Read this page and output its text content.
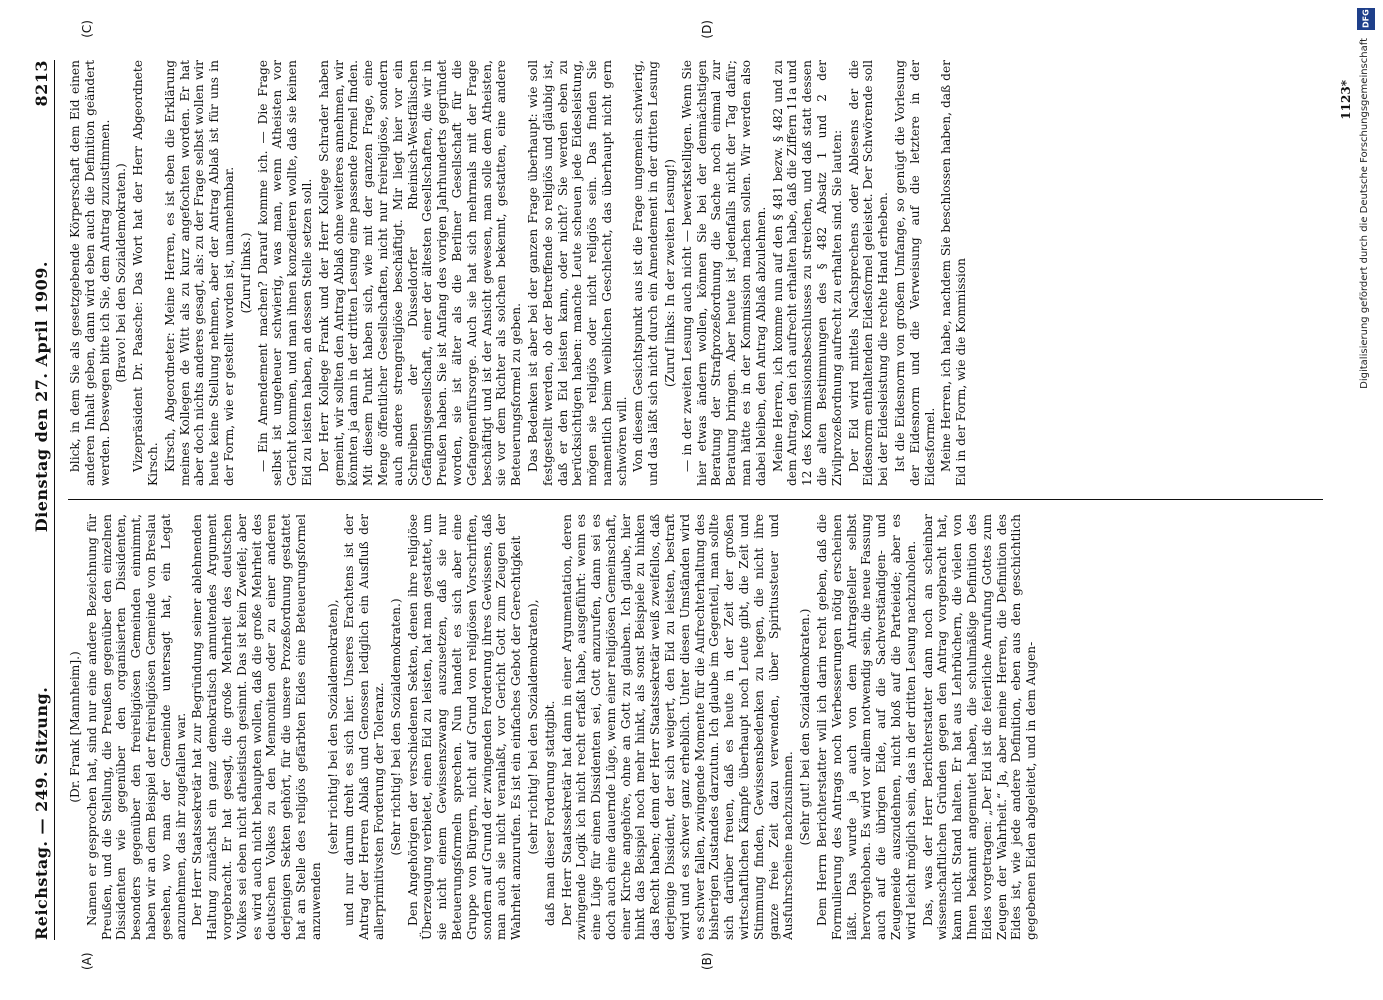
Reichstag. — 249. Sitzung.
Dienstag den 27. April 1909.
8213
(A)	(B)
(C)	(D)

(Dr. Frank [Mannheim].) Namen er gesprochen hat, sind nur eine andere Bezeichnung für Preußen, und die Stellung, die Preußen gegenüber den einzelnen Dissidenten wie gegenüber den organisierten Dissidenten, besonders gegenüber den freireligiösen Gemeinden einnimmt, haben wir an dem Beispiel der freireligiösen Gemeinde von Breslau gesehen, wo man der Gemeinde untersagt hat, ein Legat anzunehmen, das ihr zugefallen war. Der Herr Staatssekretär hat zur Begründung seiner ablehnenden Haltung zunächst ein ganz demokratisch anmutendes Argument vorgebracht. Er hat gesagt, die große Mehrheit des deutschen Volkes sei eben nicht atheistisch gesinnt. Das ist kein Zweifel; aber es wird auch nicht behaupten wollen, daß die große Mehrheit des deutschen Volkes zu den Mennoniten oder zu einer anderen derjenigen Sekten gehört, für die unsere Prozeßordnung gestattet hat an Stelle des religiös gefärbten Eides eine Beteuerungsformel anzuwenden

(sehr richtig! bei den Sozialdemokraten), und nur darum dreht es sich hier. Unseres Erachtens ist der Antrag der Herren Ablaß und Genossen lediglich ein Ausfluß der allerprimitivsten Forderung der Toleranz. (Sehr richtig! bei den Sozialdemokraten.) Den Angehörigen der verschiedenen Sekten, denen ihre religiöse Überzeugung verbietet, einen Eid zu leisten, hat man gestattet, um sie nicht einem Gewissenszwang auszusetzen, daß sie nur Beteuerungsformeln sprechen. Nun handelt es sich aber eine Gruppe von Bürgern, nicht auf Grund von religiösen Vorschriften, sondern auf Grund der zwingenden Forderung ihres Gewissens, daß man auch sie nicht veranlaßt, vor Gericht Gott zum Zeugen der Wahrheit anzurufen. Es ist ein einfaches Gebot der Gerechtigkeit (sehr richtig! bei den Sozialdemokraten), daß man dieser Forderung stattgibt. Der Herr Staatssekretär hat dann in einer Argumentation, deren zwingende Logik ich nicht recht erfaßt habe, ausgeführt: wenn es eine Lüge für einen Dissidenten sei, Gott anzurufen, dann sei es doch auch eine dauernde Lüge, wenn einer religiösen Gemeinschaft, einer Kirche angehöre, ohne an Gott zu glauben. Ich glaube, hier hinkt das Beispiel noch mehr hinkt, als sonst Beispiele zu hinken das Recht haben; denn der Herr Staatssekretär weiß zweifellos, daß derjenige Dissident, der sich weigert, den Eid zu leisten, bestraft wird und es schwer ganz erheblich. Unter diesen Umständen wird es schwer fallen, zwingende Momente für die Aufrechterhaltung des bisherigen Zustandes darzutun. Ich glaube im Gegenteil, man sollte sich darüber freuen, daß es heute in der Zeit der großen wirtschaftlichen Kämpfe überhaupt noch Leute gibt, die Zeit und Stimmung finden, Gewissensbedenken zu hegen, die nicht ihre ganze freie Zeit dazu verwenden, über Spiritussteuer und Ausfuhrscheine nachzusinnen.

(Sehr gut! bei den Sozialdemokraten.) Dem Herrn Berichterstatter will ich darin recht geben, daß die Formulierung des Antrags noch Verbesserungen nötig erscheinen läßt. Das wurde ja auch von dem Antragsteller selbst hervorgehoben. Es wird vor allem notwendig sein, die neue Fassung auch auf die übrigen Eide, auf die Sachverständigen- und Zeugeneide auszudehnen, nicht bloß auf die Parteieide; aber es wird leicht möglich sein, das in der dritten Lesung nachzuholen. Das, was der Herr Berichterstatter dann noch an scheinbar wissenschaftlichen Gründen gegen den Antrag vorgebracht hat, kann nicht Stand halten. Er hat aus Lehrbüchern, die vielen von Ihnen bekannt angemutet haben, die schulmäßige Definition des Eides vorgetragen: „Der Eid ist die feierliche Anrufung Gottes zum Zeugen der Wahrheit.“ Ja, aber meine Herren, die Definition des Eides ist, wie jede andere Definition, eben aus den geschichtlich gegebenen Eiden abgeleitet, und in dem Augen-

blick, in dem Sie als gesetzgebende Körperschaft dem Eid einen anderen Inhalt geben, dann wird eben auch die Definition geändert werden. Deswegen bitte ich Sie, dem Antrag zuzustimmen. (Bravo! bei den Sozialdemokraten.) Vizepräsident Dr. Paasche: Das Wort hat der Herr Abgeordnete Kirsch. Kirsch, Abgeordneter: Meine Herren, es ist eben die Erklärung meines Kollegen de Witt als zu kurz angefochten worden. Er hat aber doch nichts anderes gesagt, als: zu der Frage selbst wollen wir heute keine Stellung nehmen, aber der Antrag Ablaß ist für uns in der Form, wie er gestellt worden ist, unannehmbar. (Zuruf links.) — Ein Amendement machen? Darauf komme ich. — Die Frage selbst ist ungeheuer schwierig, was man, wenn Atheisten vor Gericht kommen, und man ihnen konzedieren wollte, daß sie keinen Eid zu leisten haben, an dessen Stelle setzen soll. Der Herr Kollege Frank und der Herr Kollege Schrader haben gemeint, wir sollten den Antrag Ablaß ohne weiteres annehmen, wir könnten ja dann in der dritten Lesung eine passende Formel finden. Mit diesem Punkt haben sich, wie mit der ganzen Frage, eine Menge öffentlicher Gesellschaften, nicht nur freireligiöse, sondern auch andere strengreligiöse beschäftigt. Mir liegt hier vor ein Schreiben der Düsseldorfer Rheinisch-Westfälischen Gefängnisgesellschaft, einer der ältesten Gesellschaften, die wir in Preußen haben. Sie ist Anfang des vorigen Jahrhunderts gegründet worden, sie ist älter als die Berliner Gesellschaft für die Gefangenenfürsorge. Auch sie hat sich mehrmals mit der Frage beschäftigt und ist der Ansicht gewesen, man solle dem Atheisten, sie vor dem Richter als solchen bekennt, gestatten, eine andere Beteuerungsformel zu geben. Das Bedenken ist aber bei der ganzen Frage überhaupt: wie soll festgestellt werden, ob der Betreffende so religiös und gläubig ist, daß er den Eid leisten kann, oder nicht? Sie werden eben zu berücksichtigen haben: manche Leute scheuen jede Eidesleistung, mögen sie religiös oder nicht religiös sein. Das finden Sie namentlich beim weiblichen Geschlecht, das überhaupt nicht gern schwören will. Von diesem Gesichtspunkt aus ist die Frage ungemein schwierig, und das läßt sich nicht durch ein Amendement in der dritten Lesung (Zuruf links: In der zweiten Lesung!) — in der zweiten Lesung auch nicht — bewerkstelligen. Wenn Sie hier etwas ändern wollen, können Sie bei der demnächstigen Beratung der Strafprozeßordnung die Sache noch einmal zur Beratung bringen. Aber heute ist jedenfalls nicht der Tag dafür; man hätte es in der Kommission machen sollen. Wir werden also dabei bleiben, den Antrag Ablaß abzulehnen. Meine Herren, ich komme nun auf den § 481 bezw. § 482 und zu dem Antrag, den ich aufrecht erhalten habe, daß die Ziffern 11a und 12 des Kommissionsbeschlusses zu streichen, und daß statt dessen die alten Bestimmungen des § 482 Absatz 1 und 2 der Zivilprozeßordnung aufrecht zu erhalten sind. Sie lauten: Der Eid wird mittels Nachsprechens oder Ablesens der die Eidesnorm enthaltenden Eidesformel geleistet. Der Schwörende soll bei der Eidesleistung die rechte Hand erheben. Ist die Eidesnorm von großem Umfange, so genügt die Vorlesung der Eidesnorm und die Verweisung auf die letztere in der Eidesformel. Meine Herren, ich habe, nachdem Sie beschlossen haben, daß der Eid in der Form, wie die Kommission

1123*
DFG
Digitalisierung gefördert durch die Deutsche Forschungsgemeinschaft
